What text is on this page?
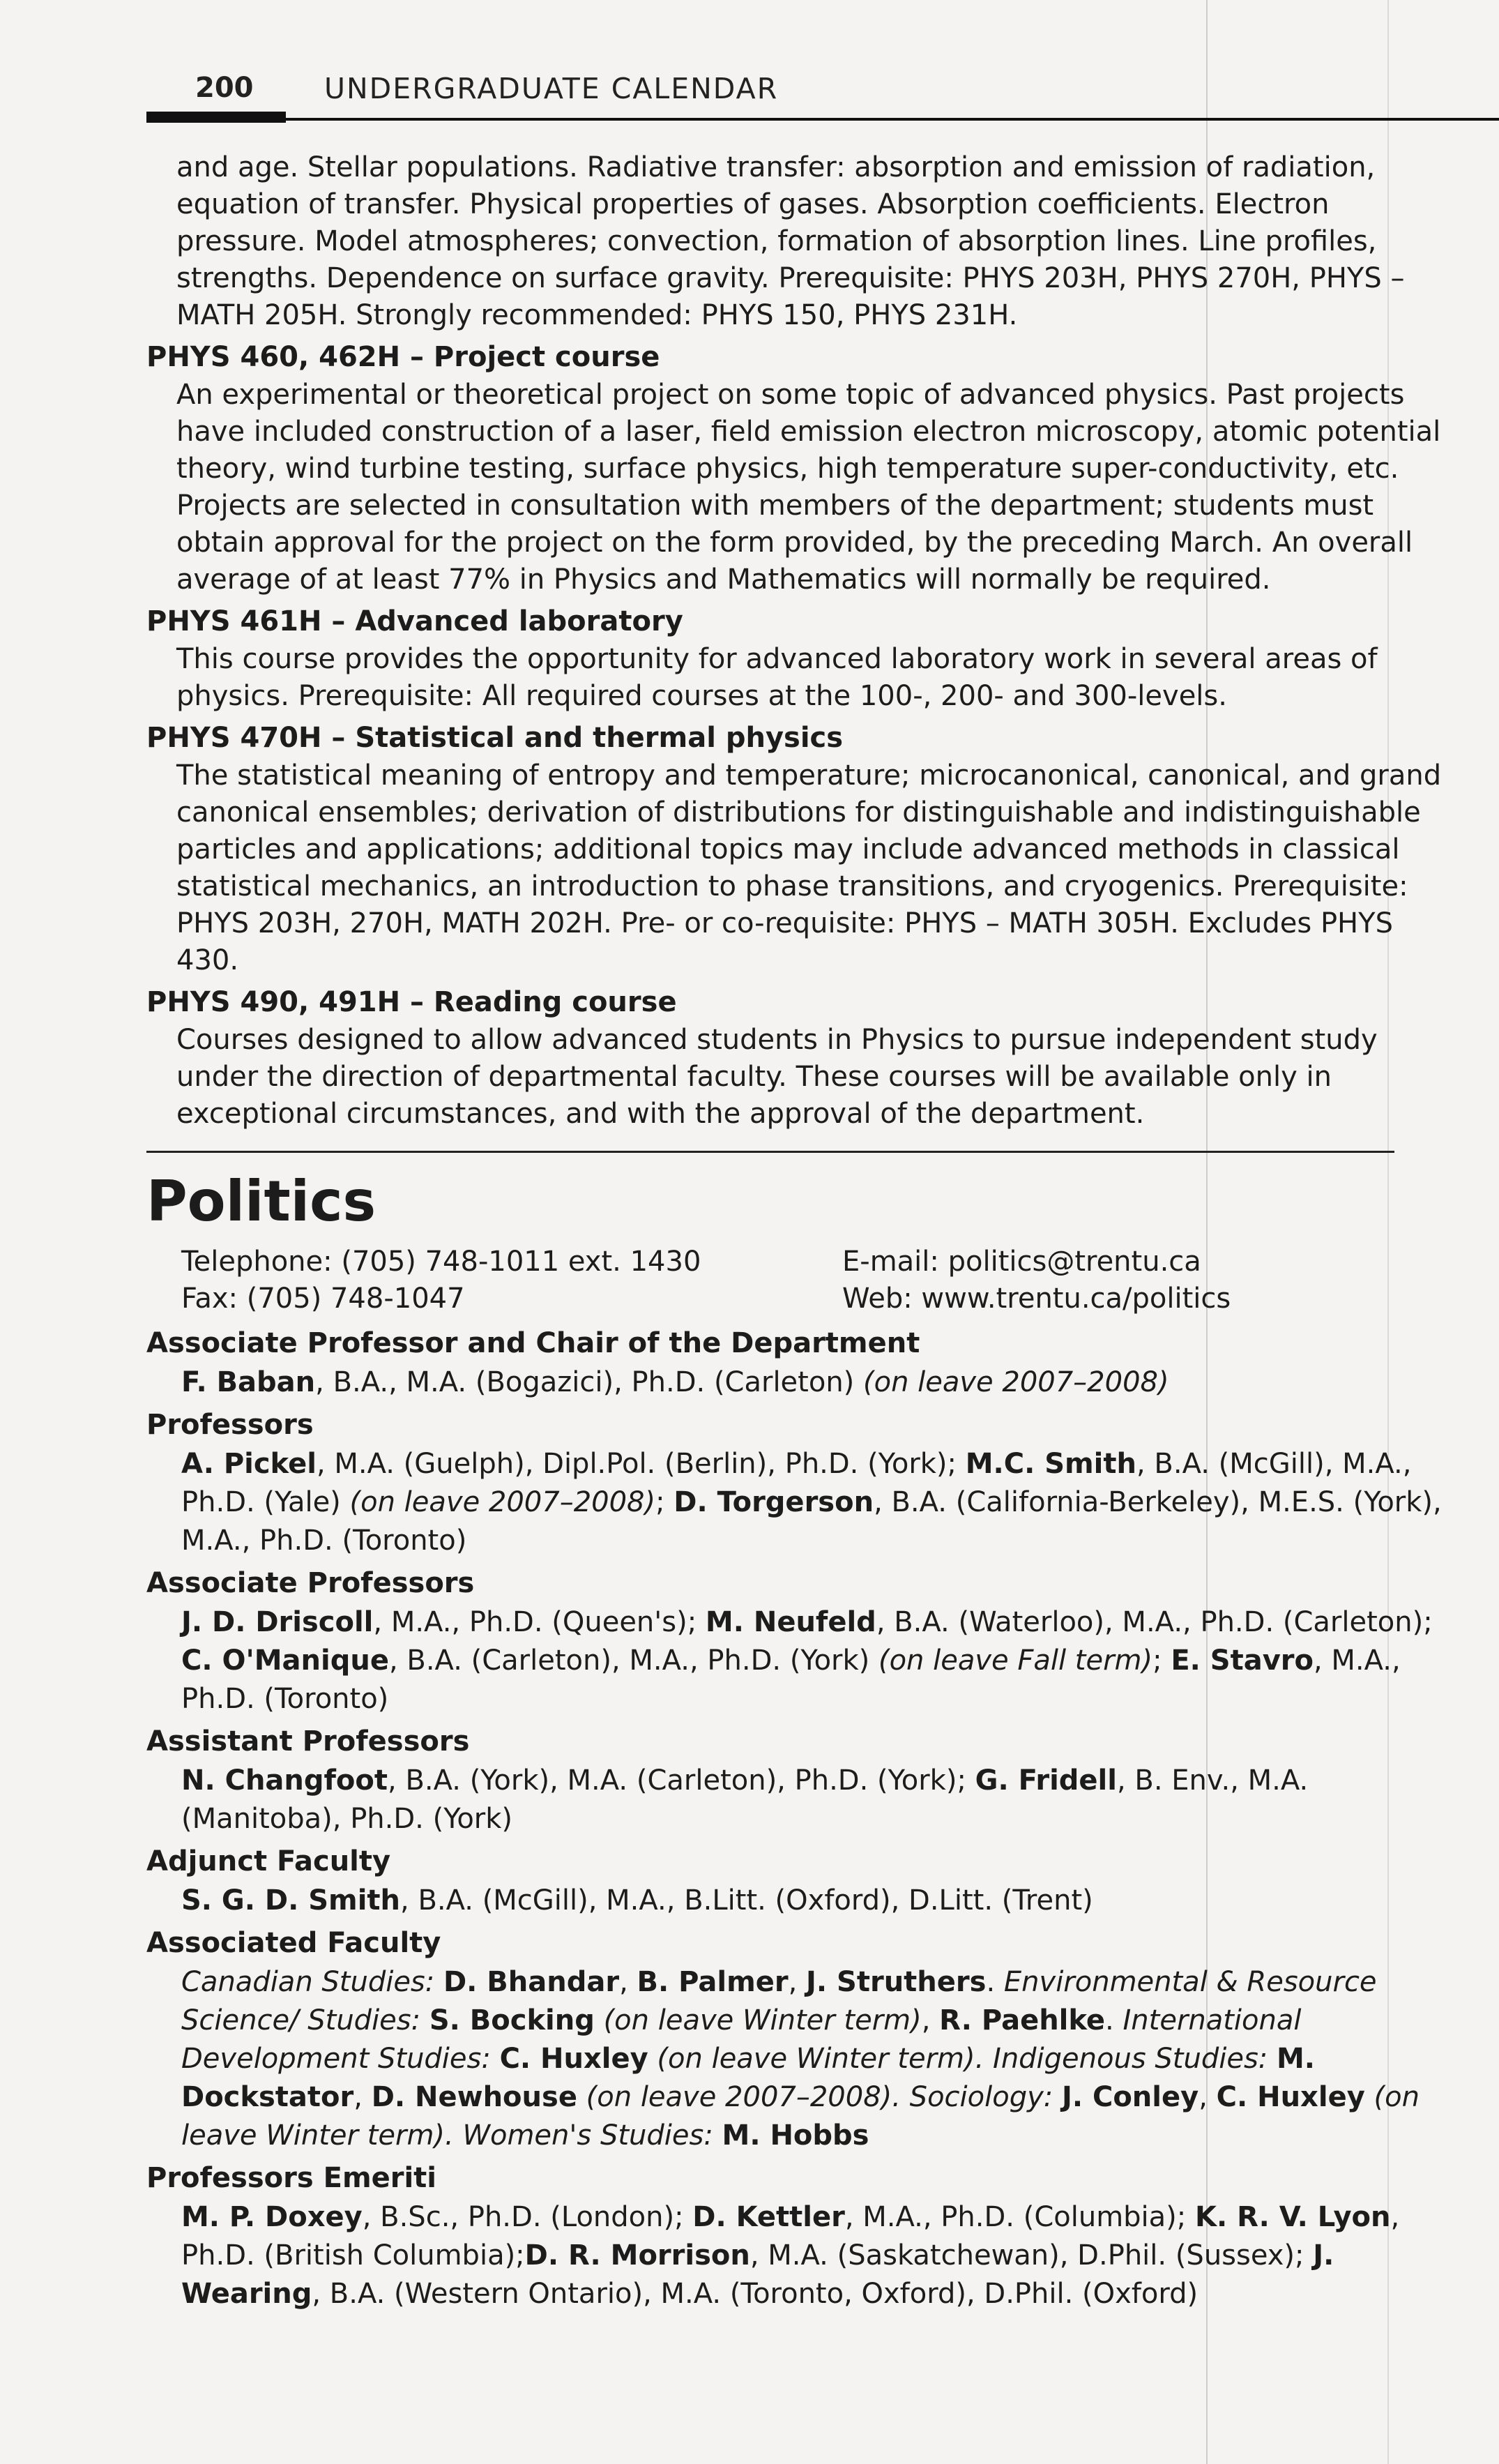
200 UNDERGRADUATE CALENDAR
and age. Stellar populations. Radiative transfer: absorption and emission of radiation, equation of transfer. Physical properties of gases. Absorption coefficients. Electron pressure. Model atmospheres; convection, formation of absorption lines. Line profiles, strengths. Dependence on surface gravity. Prerequisite: PHYS 203H, PHYS 270H, PHYS – MATH 205H. Strongly recommended: PHYS 150, PHYS 231H.
PHYS 460, 462H – Project course
An experimental or theoretical project on some topic of advanced physics. Past projects have included construction of a laser, field emission electron microscopy, atomic potential theory, wind turbine testing, surface physics, high temperature super-conductivity, etc. Projects are selected in consultation with members of the department; students must obtain approval for the project on the form provided, by the preceding March. An overall average of at least 77% in Physics and Mathematics will normally be required.
PHYS 461H – Advanced laboratory
This course provides the opportunity for advanced laboratory work in several areas of physics. Prerequisite: All required courses at the 100-, 200- and 300-levels.
PHYS 470H – Statistical and thermal physics
The statistical meaning of entropy and temperature; microcanonical, canonical, and grand canonical ensembles; derivation of distributions for distinguishable and indistinguishable particles and applications; additional topics may include advanced methods in classical statistical mechanics, an introduction to phase transitions, and cryogenics. Prerequisite: PHYS 203H, 270H, MATH 202H. Pre- or co-requisite: PHYS – MATH 305H. Excludes PHYS 430.
PHYS 490, 491H – Reading course
Courses designed to allow advanced students in Physics to pursue independent study under the direction of departmental faculty. These courses will be available only in exceptional circumstances, and with the approval of the department.
Politics
Telephone: (705) 748-1011 ext. 1430
Fax: (705) 748-1047
E-mail: politics@trentu.ca
Web: www.trentu.ca/politics
Associate Professor and Chair of the Department
F. Baban, B.A., M.A. (Bogazici), Ph.D. (Carleton) (on leave 2007–2008)
Professors
A. Pickel, M.A. (Guelph), Dipl.Pol. (Berlin), Ph.D. (York); M.C. Smith, B.A. (McGill), M.A., Ph.D. (Yale) (on leave 2007–2008); D. Torgerson, B.A. (California-Berkeley), M.E.S. (York), M.A., Ph.D. (Toronto)
Associate Professors
J. D. Driscoll, M.A., Ph.D. (Queen's); M. Neufeld, B.A. (Waterloo), M.A., Ph.D. (Carleton); C. O'Manique, B.A. (Carleton), M.A., Ph.D. (York) (on leave Fall term); E. Stavro, M.A., Ph.D. (Toronto)
Assistant Professors
N. Changfoot, B.A. (York), M.A. (Carleton), Ph.D. (York); G. Fridell, B. Env., M.A. (Manitoba), Ph.D. (York)
Adjunct Faculty
S. G. D. Smith, B.A. (McGill), M.A., B.Litt. (Oxford), D.Litt. (Trent)
Associated Faculty
Canadian Studies: D. Bhandar, B. Palmer, J. Struthers. Environmental & Resource Science/ Studies: S. Bocking (on leave Winter term), R. Paehlke. International Development Studies: C. Huxley (on leave Winter term). Indigenous Studies: M. Dockstator, D. Newhouse (on leave 2007–2008). Sociology: J. Conley, C. Huxley (on leave Winter term). Women's Studies: M. Hobbs
Professors Emeriti
M. P. Doxey, B.Sc., Ph.D. (London); D. Kettler, M.A., Ph.D. (Columbia); K. R. V. Lyon, Ph.D. (British Columbia);D. R. Morrison, M.A. (Saskatchewan), D.Phil. (Sussex); J. Wearing, B.A. (Western Ontario), M.A. (Toronto, Oxford), D.Phil. (Oxford)
